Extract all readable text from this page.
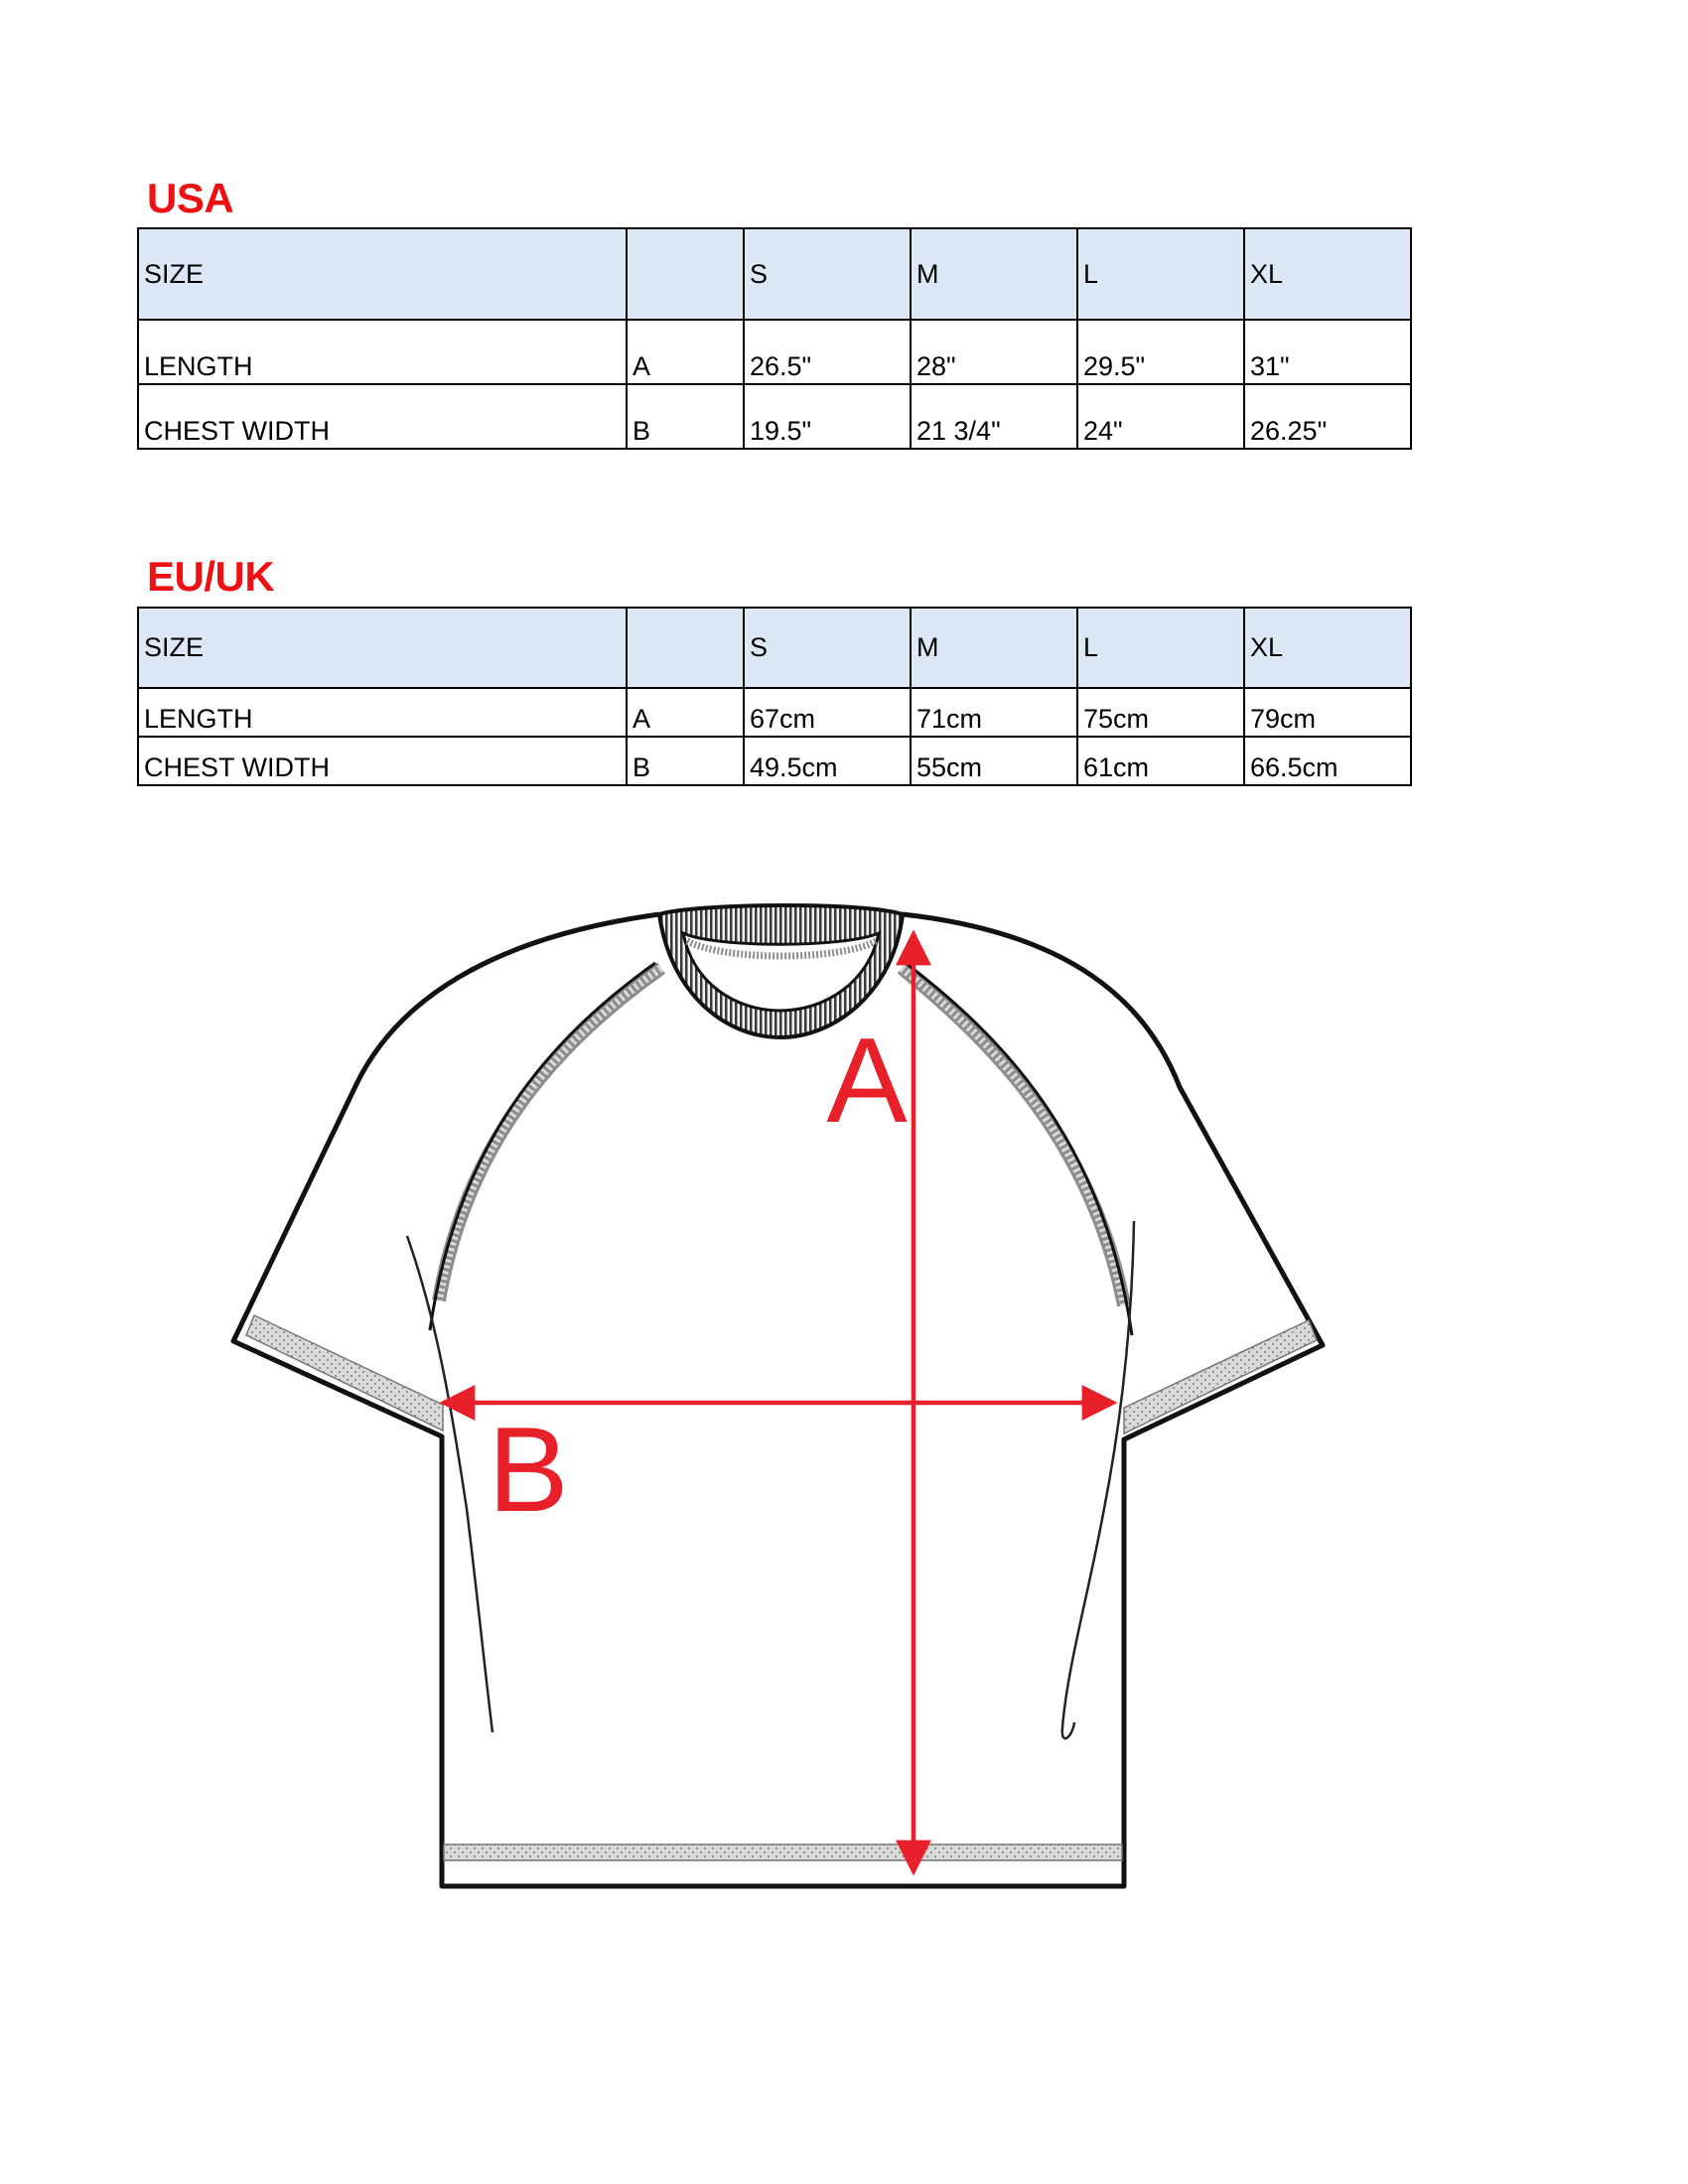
USA
SIZE		S	M	L	XL
LENGTH	A	26.5"	28"	29.5"	31"
CHEST WIDTH	B	19.5"	21 3/4"	24"	26.25"
EU/UK
SIZE		S	M	L	XL
LENGTH	A	67cm	71cm	75cm	79cm
CHEST WIDTH	B	49.5cm	55cm	61cm	66.5cm
A
B
